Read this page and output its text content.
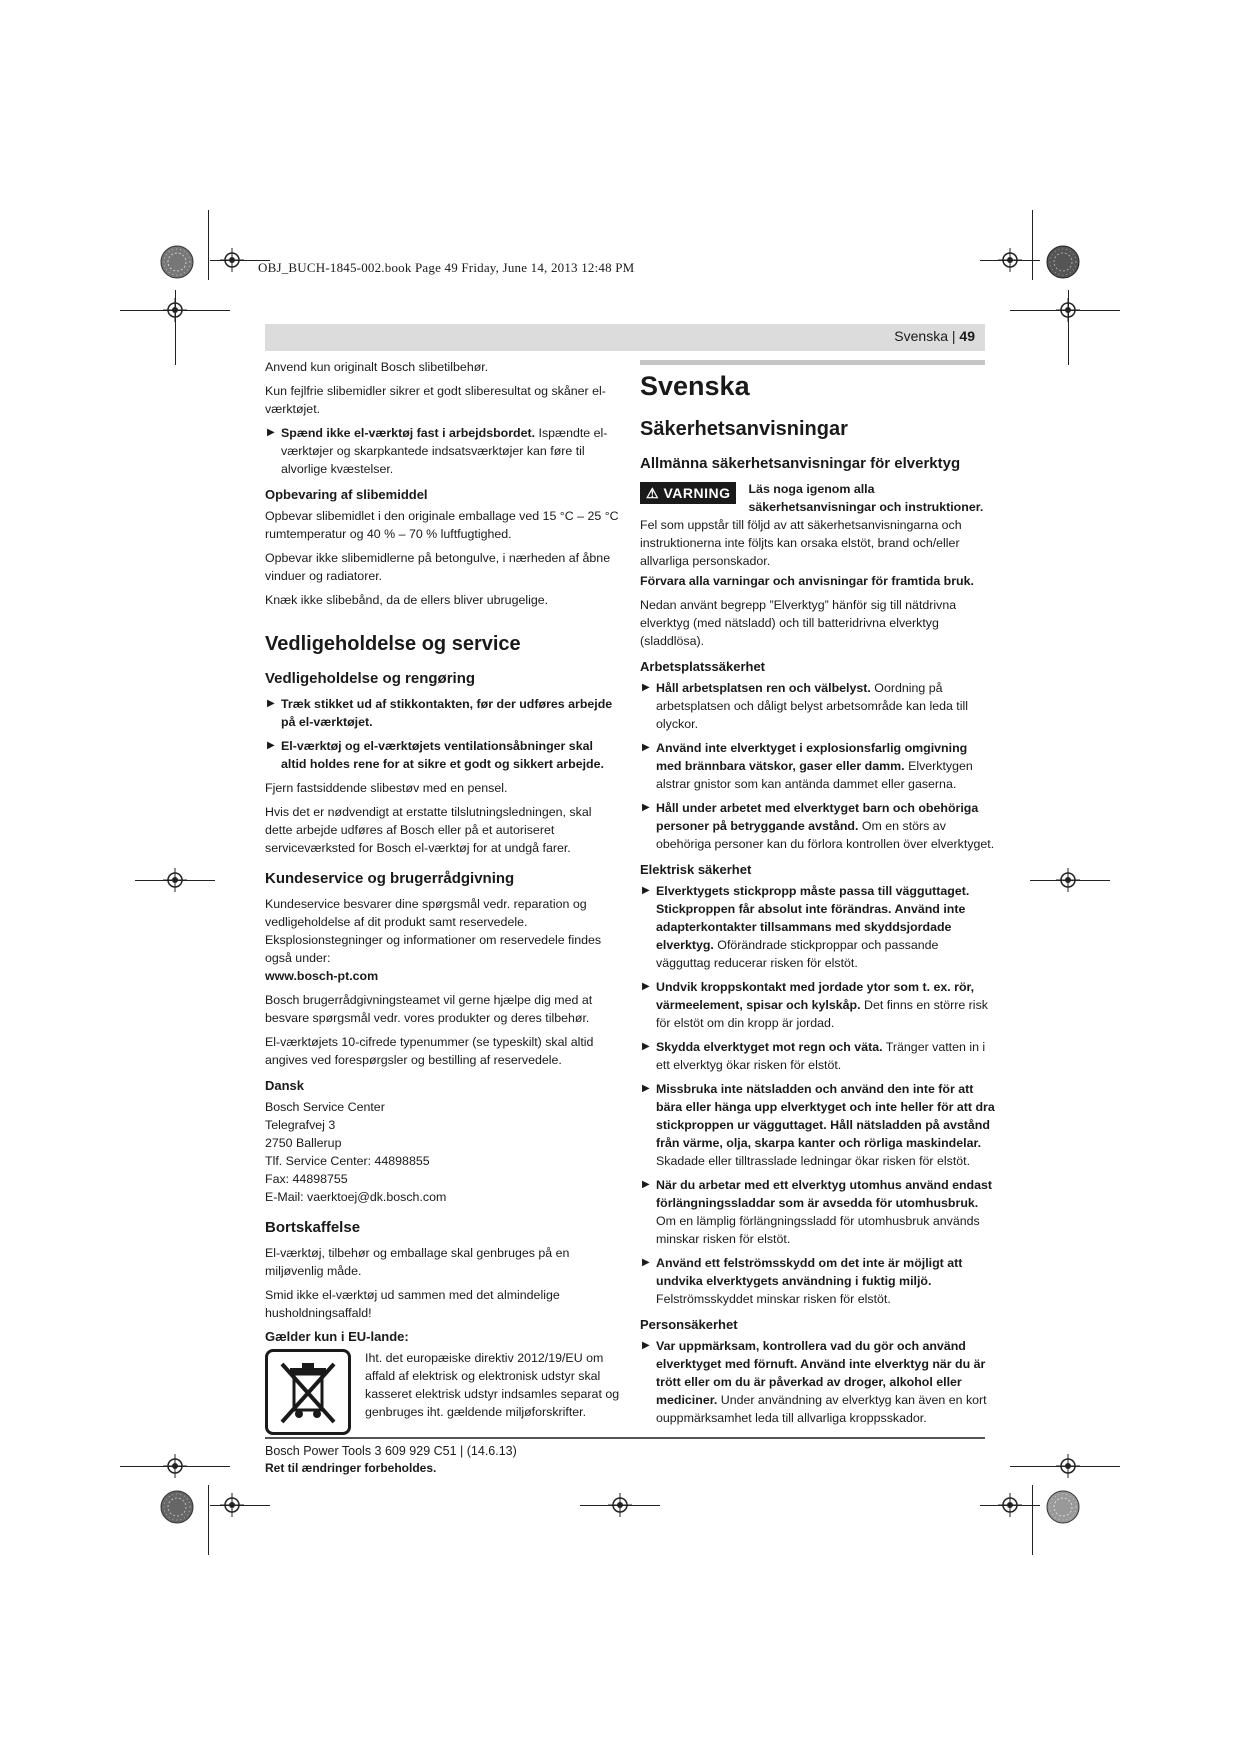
OBJ_BUCH-1845-002.book Page 49 Friday, June 14, 2013 12:48 PM
Svenska | 49

Anvend kun originalt Bosch slibetilbehør.

Kun fejlfrie slibemidler sikrer et godt sliberesultat og skåner el-værktøjet.

▶ Spænd ikke el-værktøj fast i arbejdsbordet. Ispændte el-værktøjer og skarpkantede indsatsværktøjer kan føre til alvorlige kvæstelser.
Opbevaring af slibemiddel

Opbevar slibemidlet i den originale emballage ved 15 °C – 25 °C rumtemperatur og 40 % – 70 % luftfugtighed.

Opbevar ikke slibemidlerne på betongulve, i nærheden af åbne vinduer og radiatorer.

Knæk ikke slibebånd, da de ellers bliver ubrugelige.

Vedligeholdelse og service
Vedligeholdelse og rengøring
▶ Træk stikket ud af stikkontakten, før der udføres arbejde på el-værktøjet.
▶ El-værktøj og el-værktøjets ventilationsåbninger skal altid holdes rene for at sikre et godt og sikkert arbejde.

Fjern fastsiddende slibestøv med en pensel.

Hvis det er nødvendigt at erstatte tilslutningsledningen, skal dette arbejde udføres af Bosch eller på et autoriseret serviceværksted for Bosch el-værktøj for at undgå farer.

Kundeservice og brugerrådgivning

Kundeservice besvarer dine spørgsmål vedr. reparation og vedligeholdelse af dit produkt samt reservedele. Eksplosionstegninger og informationer om reservedele findes også under:
www.bosch-pt.com

Bosch brugerrådgivningsteamet vil gerne hjælpe dig med at besvare spørgsmål vedr. vores produkter og deres tilbehør.

El-værktøjets 10-cifrede typenummer (se typeskilt) skal altid angives ved forespørgsler og bestilling af reservedele.

Dansk
Bosch Service Center
Telegrafvej 3
2750 Ballerup
Tlf. Service Center: 44898855
Fax: 44898755
E-Mail: vaerktoej@dk.bosch.com
Bortskaffelse

El-værktøj, tilbehør og emballage skal genbruges på en miljøvenlig måde.

Smid ikke el-værktøj ud sammen med det almindelige husholdningsaffald!

Gælder kun i EU-lande:
Iht. det europæiske direktiv 2012/19/EU om affald af elektrisk og elektronisk udstyr skal kasseret elektrisk udstyr indsamles separat og genbruges iht. gældende miljøforskrifter.
Ret til ændringer forbeholdes.
Svenska
Säkerhetsanvisningar
Allmänna säkerhetsanvisningar för elverktyg
⚠ VARNING	Läs noga igenom alla säkerhetsanvisningar och instruktioner. Fel som uppstår till följd av att säkerhetsanvisningarna och instruktionerna inte följts kan orsaka elstöt, brand och/eller allvarliga personskador.

Förvara alla varningar och anvisningar för framtida bruk.

Nedan använt begrepp ”Elverktyg” hänför sig till nätdrivna elverktyg (med nätsladd) och till batteridrivna elverktyg (sladdlösa).

Arbetsplatssäkerhet
▶ Håll arbetsplatsen ren och välbelyst. Oordning på arbetsplatsen och dåligt belyst arbetsområde kan leda till olyckor.
▶ Använd inte elverktyget i explosionsfarlig omgivning med brännbara vätskor, gaser eller damm. Elverktygen alstrar gnistor som kan antända dammet eller gaserna.
▶ Håll under arbetet med elverktyget barn och obehöriga personer på betryggande avstånd. Om en störs av obehöriga personer kan du förlora kontrollen över elverktyget.
Elektrisk säkerhet
▶ Elverktygets stickpropp måste passa till vägguttaget. Stickproppen får absolut inte förändras. Använd inte adapterkontakter tillsammans med skyddsjordade elverktyg. Oförändrade stickproppar och passande vägguttag reducerar risken för elstöt.
▶ Undvik kroppskontakt med jordade ytor som t. ex. rör, värmeelement, spisar och kylskåp. Det finns en större risk för elstöt om din kropp är jordad.
▶ Skydda elverktyget mot regn och väta. Tränger vatten in i ett elverktyg ökar risken för elstöt.
▶ Missbruka inte nätsladden och använd den inte för att bära eller hänga upp elverktyget och inte heller för att dra stickproppen ur vägguttaget. Håll nätsladden på avstånd från värme, olja, skarpa kanter och rörliga maskindelar. Skadade eller tilltrasslade ledningar ökar risken för elstöt.
▶ När du arbetar med ett elverktyg utomhus använd endast förlängningssladdar som är avsedda för utomhusbruk. Om en lämplig förlängningssladd för utomhusbruk används minskar risken för elstöt.
▶ Använd ett felströmsskydd om det inte är möjligt att undvika elverktygets användning i fuktig miljö. Felströmsskyddet minskar risken för elstöt.
Personsäkerhet
▶ Var uppmärksam, kontrollera vad du gör och använd elverktyget med förnuft. Använd inte elverktyg när du är trött eller om du är påverkad av droger, alkohol eller mediciner. Under användning av elverktyg kan även en kort ouppmärksamhet leda till allvarliga kroppsskador.
Bosch Power Tools 3 609 929 C51 | (14.6.13)
